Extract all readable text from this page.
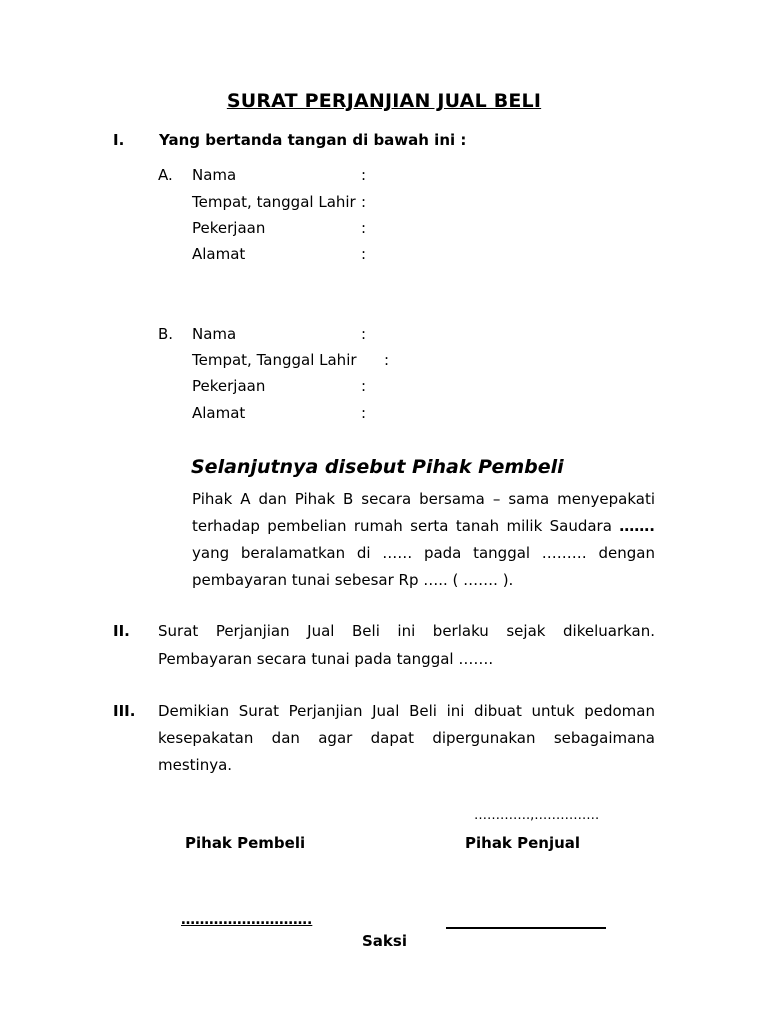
SURAT PERJANJIAN JUAL BELI
I. Yang bertanda tangan di bawah ini :
A. Nama	:
Tempat, tanggal Lahir :
Pekerjaan	:
Alamat	:
B. Nama	:
Tempat, Tanggal Lahir :
Pekerjaan	:
Alamat	:
Selanjutnya disebut Pihak Pembeli
Pihak A dan Pihak B secara bersama – sama menyepakati
terhadap pembelian rumah serta tanah milik Saudara …….
yang beralamatkan di …… pada tanggal ……… dengan
pembayaran tunai sebesar Rp ….. ( ……. ).
II. Surat Perjanjian Jual Beli ini berlaku sejak dikeluarkan.
Pembayaran secara tunai pada tanggal …….
III. Demikian Surat Perjanjian Jual Beli ini dibuat untuk pedoman
kesepakatan dan agar dapat dipergunakan sebagaimana
mestinya.
………….,……………
Pihak Pembeli	Pihak Penjual
……………………….
Saksi
